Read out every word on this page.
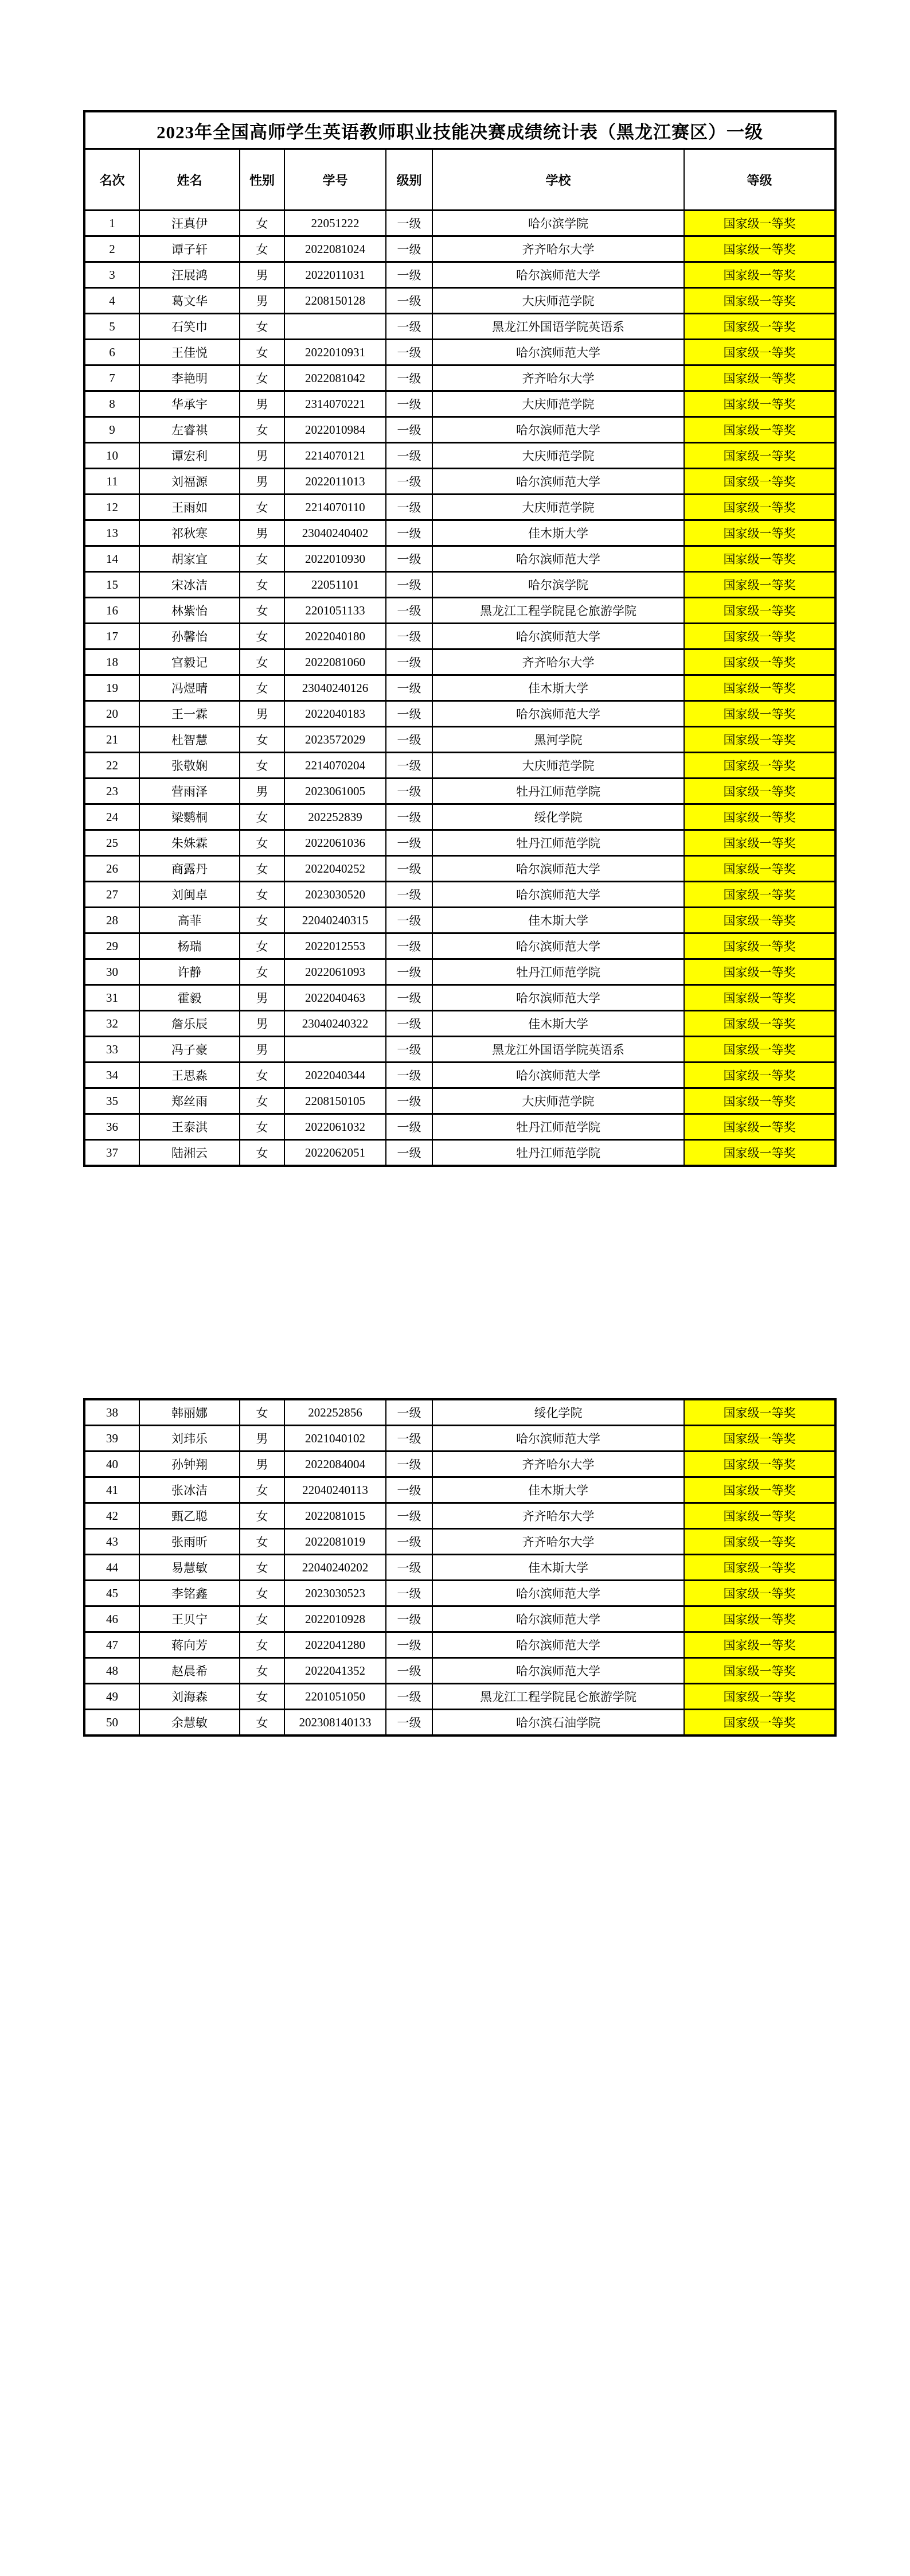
2023年全国高师学生英语教师职业技能决赛成绩统计表（黑龙江赛区）一级						
名次	姓名	性别	学号	级别	学校	等级
1	汪真伊	女	22051222	一级	哈尔滨学院	国家级一等奖
2	谭子轩	女	2022081024	一级	齐齐哈尔大学	国家级一等奖
3	汪展鸿	男	2022011031	一级	哈尔滨师范大学	国家级一等奖
4	葛文华	男	2208150128	一级	大庆师范学院	国家级一等奖
5	石笑巾	女		一级	黑龙江外国语学院英语系	国家级一等奖
6	王佳悦	女	2022010931	一级	哈尔滨师范大学	国家级一等奖
7	李艳明	女	2022081042	一级	齐齐哈尔大学	国家级一等奖
8	华承宇	男	2314070221	一级	大庆师范学院	国家级一等奖
9	左睿祺	女	2022010984	一级	哈尔滨师范大学	国家级一等奖
10	谭宏利	男	2214070121	一级	大庆师范学院	国家级一等奖
11	刘福源	男	2022011013	一级	哈尔滨师范大学	国家级一等奖
12	王雨如	女	2214070110	一级	大庆师范学院	国家级一等奖
13	祁秋寒	男	23040240402	一级	佳木斯大学	国家级一等奖
14	胡家宜	女	2022010930	一级	哈尔滨师范大学	国家级一等奖
15	宋冰洁	女	22051101	一级	哈尔滨学院	国家级一等奖
16	林紫怡	女	2201051133	一级	黑龙江工程学院昆仑旅游学院	国家级一等奖
17	孙馨怡	女	2022040180	一级	哈尔滨师范大学	国家级一等奖
18	宫毅记	女	2022081060	一级	齐齐哈尔大学	国家级一等奖
19	冯煜晴	女	23040240126	一级	佳木斯大学	国家级一等奖
20	王一霖	男	2022040183	一级	哈尔滨师范大学	国家级一等奖
21	杜智慧	女	2023572029	一级	黑河学院	国家级一等奖
22	张敬娴	女	2214070204	一级	大庆师范学院	国家级一等奖
23	营雨泽	男	2023061005	一级	牡丹江师范学院	国家级一等奖
24	梁鹦桐	女	202252839	一级	绥化学院	国家级一等奖
25	朱姝霖	女	2022061036	一级	牡丹江师范学院	国家级一等奖
26	商露丹	女	2022040252	一级	哈尔滨师范大学	国家级一等奖
27	刘闽卓	女	2023030520	一级	哈尔滨师范大学	国家级一等奖
28	高菲	女	22040240315	一级	佳木斯大学	国家级一等奖
29	杨瑞	女	2022012553	一级	哈尔滨师范大学	国家级一等奖
30	许静	女	2022061093	一级	牡丹江师范学院	国家级一等奖
31	霍毅	男	2022040463	一级	哈尔滨师范大学	国家级一等奖
32	詹乐辰	男	23040240322	一级	佳木斯大学	国家级一等奖
33	冯子豪	男		一级	黑龙江外国语学院英语系	国家级一等奖
34	王思淼	女	2022040344	一级	哈尔滨师范大学	国家级一等奖
35	郑丝雨	女	2208150105	一级	大庆师范学院	国家级一等奖
36	王泰淇	女	2022061032	一级	牡丹江师范学院	国家级一等奖
37	陆湘云	女	2022062051	一级	牡丹江师范学院	国家级一等奖
38	韩丽娜	女	202252856	一级	绥化学院	国家级一等奖
39	刘玮乐	男	2021040102	一级	哈尔滨师范大学	国家级一等奖
40	孙钟翔	男	2022084004	一级	齐齐哈尔大学	国家级一等奖
41	张冰洁	女	22040240113	一级	佳木斯大学	国家级一等奖
42	甄乙聪	女	2022081015	一级	齐齐哈尔大学	国家级一等奖
43	张雨昕	女	2022081019	一级	齐齐哈尔大学	国家级一等奖
44	易慧敏	女	22040240202	一级	佳木斯大学	国家级一等奖
45	李铭鑫	女	2023030523	一级	哈尔滨师范大学	国家级一等奖
46	王贝宁	女	2022010928	一级	哈尔滨师范大学	国家级一等奖
47	蒋向芳	女	2022041280	一级	哈尔滨师范大学	国家级一等奖
48	赵晨希	女	2022041352	一级	哈尔滨师范大学	国家级一等奖
49	刘海森	女	2201051050	一级	黑龙江工程学院昆仑旅游学院	国家级一等奖
50	余慧敏	女	202308140133	一级	哈尔滨石油学院	国家级一等奖
